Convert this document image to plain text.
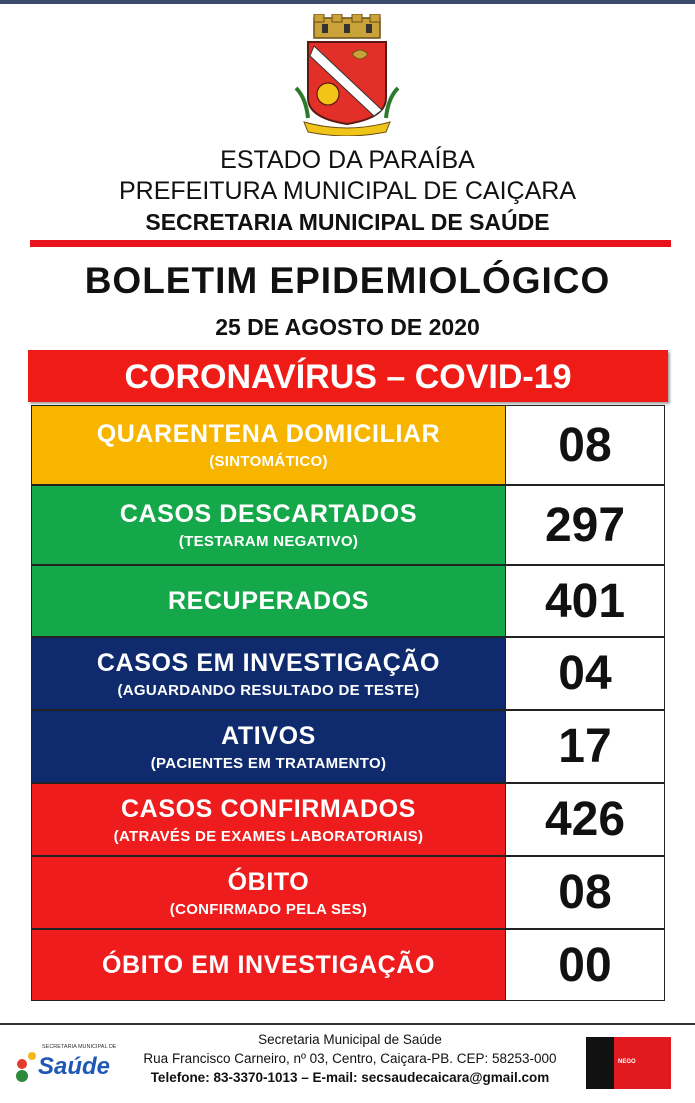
ESTADO DA PARAÍBA
PREFEITURA MUNICIPAL DE CAIÇARA
SECRETARIA MUNICIPAL DE SAÚDE
BOLETIM EPIDEMIOLÓGICO
25 DE AGOSTO DE 2020
CORONAVÍRUS – COVID-19
QUARENTENA DOMICILIAR
(SINTOMÁTICO)	08
CASOS DESCARTADOS
(TESTARAM NEGATIVO)	297
RECUPERADOS	401
CASOS EM INVESTIGAÇÃO
(AGUARDANDO RESULTADO DE TESTE)	04
ATIVOS
(PACIENTES EM TRATAMENTO)	17
CASOS CONFIRMADOS
(ATRAVÉS DE EXAMES LABORATORIAIS)	426
ÓBITO
(CONFIRMADO PELA SES)	08
ÓBITO EM INVESTIGAÇÃO	00
SECRETARIA MUNICIPAL DE
Saúde
Secretaria Municipal de Saúde
Rua Francisco Carneiro, nº 03, Centro, Caiçara-PB. CEP: 58253-000
Telefone: 83-3370-1013 – E-mail: secsaudecaicara@gmail.com
NEGO
